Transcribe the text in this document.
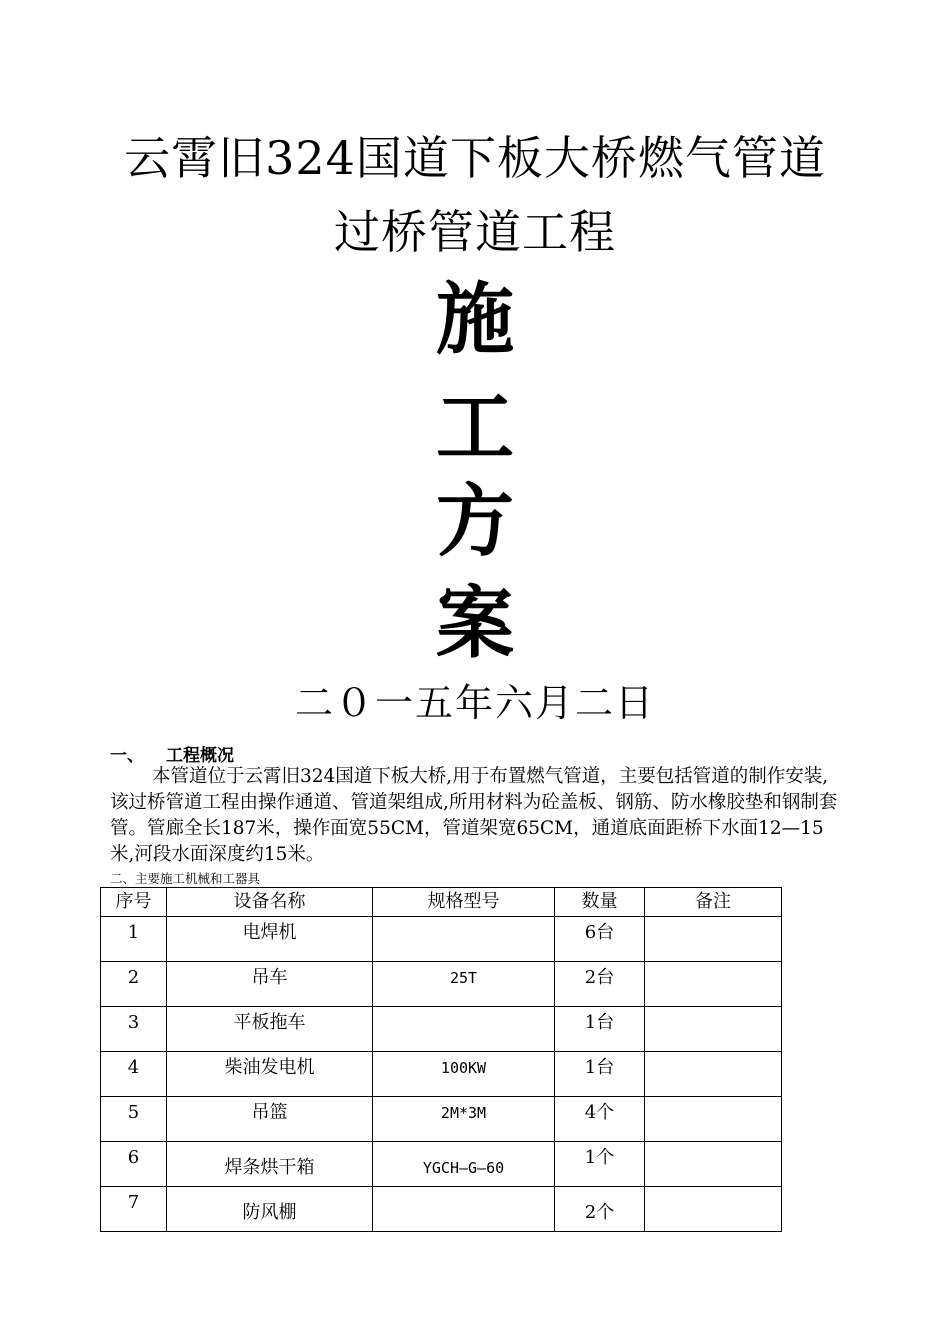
云霄旧324国道下板大桥燃气管道
过桥管道工程
施
工
方
案
二０一五年六月二日
一、 工程概况
本管道位于云霄旧324国道下板大桥,用于布置燃气管道，主要包括管道的制作安装,该过桥管道工程由操作通道、管道架组成,所用材料为砼盖板、钢筋、防水橡胶垫和钢制套管。管廊全长187米，操作面宽55CM，管道架宽65CM，通道底面距桥下水面12—15米,河段水面深度约15米。
二、主要施工机械和工器具
序号	设备名称	规格型号	数量	备注
1	电焊机		6台	
2	吊车	25T	2台	
3	平板拖车		1台	
4	柴油发电机	100KW	1台	
5	吊篮	2M*3M	4个	
6	焊条烘干箱	YGCH—G—60	1个	
7	防风棚		2个	
